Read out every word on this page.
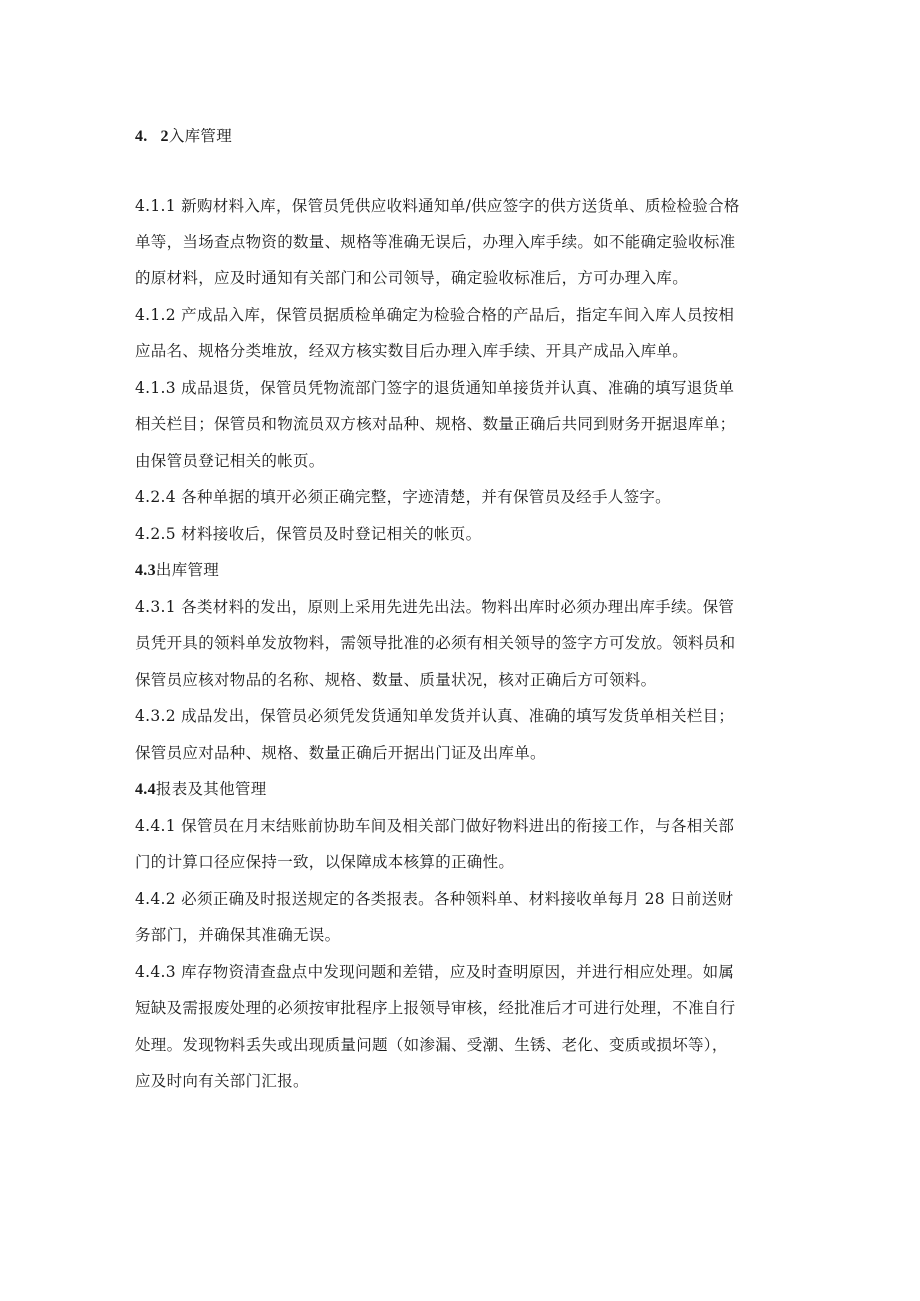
4.   2入库管理
4.1.1 新购材料入库，保管员凭供应收料通知单/供应签字的供方送货单、质检检验合格
单等，当场查点物资的数量、规格等准确无误后，办理入库手续。如不能确定验收标准
的原材料，应及时通知有关部门和公司领导，确定验收标准后，方可办理入库。
4.1.2 产成品入库，保管员据质检单确定为检验合格的产品后，指定车间入库人员按相
应品名、规格分类堆放，经双方核实数目后办理入库手续、开具产成品入库单。
4.1.3 成品退货，保管员凭物流部门签字的退货通知单接货并认真、准确的填写退货单
相关栏目；保管员和物流员双方核对品种、规格、数量正确后共同到财务开据退库单；
由保管员登记相关的帐页。
4.2.4 各种单据的填开必须正确完整，字迹清楚，并有保管员及经手人签字。
4.2.5 材料接收后，保管员及时登记相关的帐页。
4.3出库管理
4.3.1 各类材料的发出，原则上采用先进先出法。物料出库时必须办理出库手续。保管
员凭开具的领料单发放物料，需领导批准的必须有相关领导的签字方可发放。领料员和
保管员应核对物品的名称、规格、数量、质量状况，核对正确后方可领料。
4.3.2 成品发出，保管员必须凭发货通知单发货并认真、准确的填写发货单相关栏目；
保管员应对品种、规格、数量正确后开据出门证及出库单。
4.4报表及其他管理
4.4.1 保管员在月末结账前协助车间及相关部门做好物料进出的衔接工作，与各相关部
门的计算口径应保持一致，以保障成本核算的正确性。
4.4.2 必须正确及时报送规定的各类报表。各种领料单、材料接收单每月 28 日前送财
务部门，并确保其准确无误。
4.4.3 库存物资清查盘点中发现问题和差错，应及时查明原因，并进行相应处理。如属
短缺及需报废处理的必须按审批程序上报领导审核，经批准后才可进行处理，不准自行
处理。发现物料丢失或出现质量问题（如渗漏、受潮、生锈、老化、变质或损坏等），
应及时向有关部门汇报。
